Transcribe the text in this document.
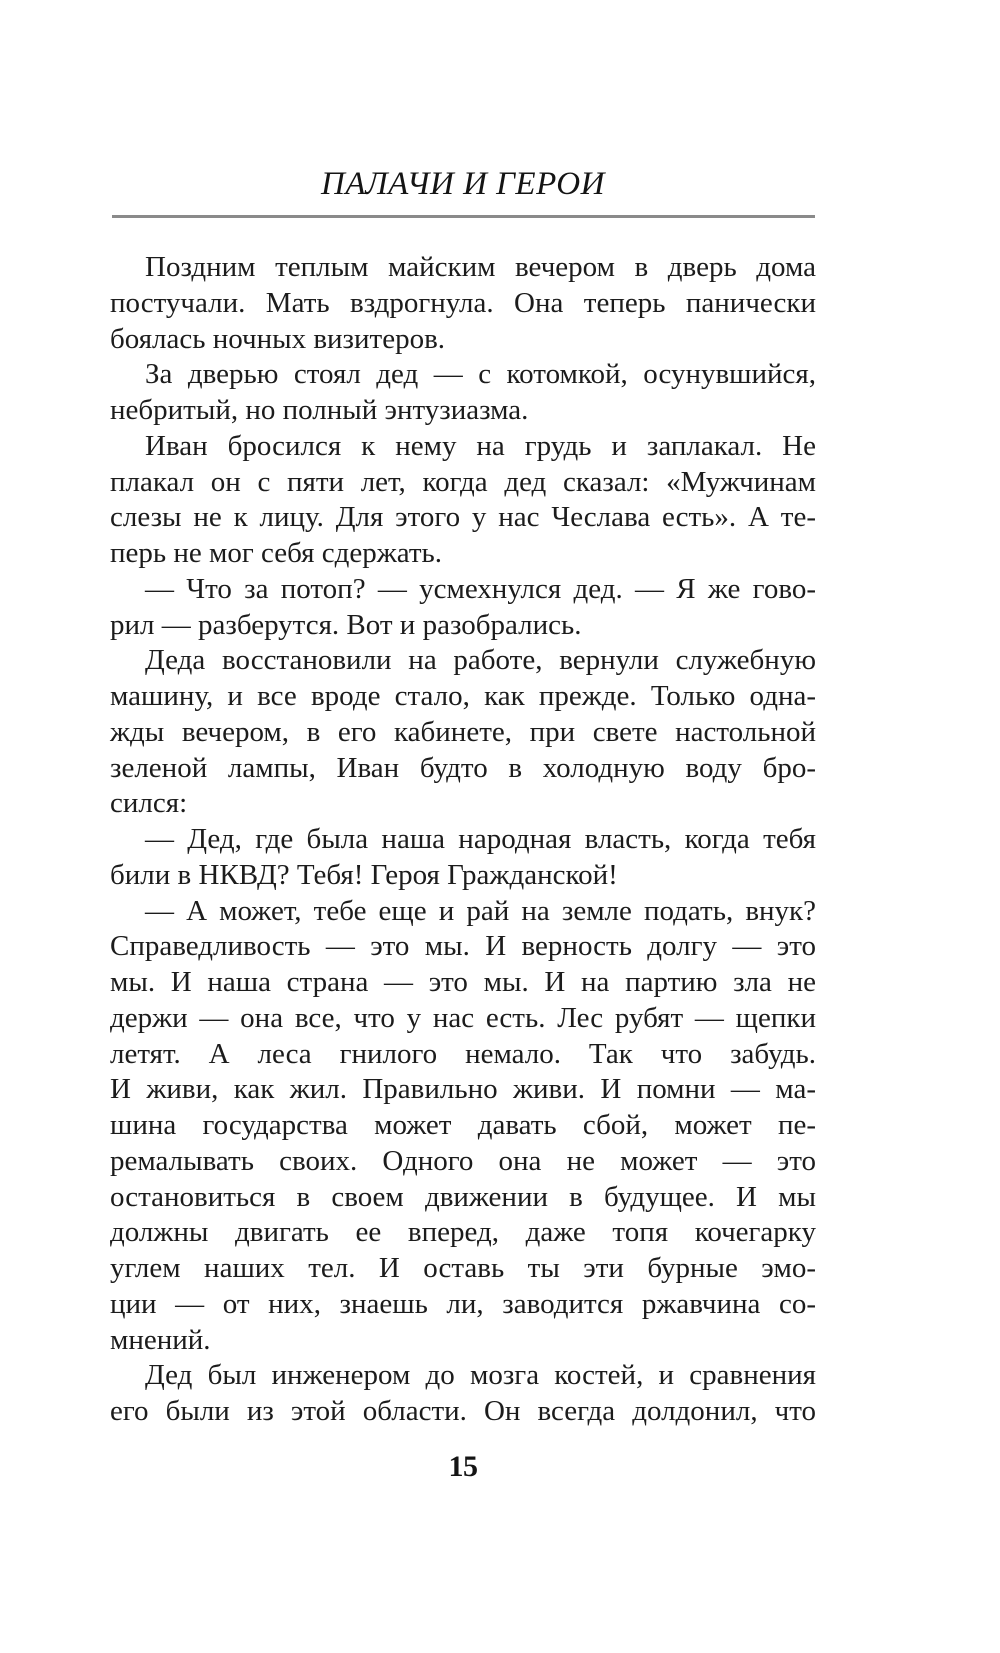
ПАЛАЧИ И ГЕРОИ
Поздним теплым майским вечером в дверь дома
постучали. Мать вздрогнула. Она теперь панически
боялась ночных визитеров.
За дверью стоял дед — с котомкой, осунувшийся,
небритый, но полный энтузиазма.
Иван бросился к нему на грудь и заплакал. Не
плакал он с пяти лет, когда дед сказал: «Мужчинам
слезы не к лицу. Для этого у нас Чеслава есть». А те-
перь не мог себя сдержать.
— Что за потоп? — усмехнулся дед. — Я же гово-
рил — разберутся. Вот и разобрались.
Деда восстановили на работе, вернули служебную
машину, и все вроде стало, как прежде. Только одна-
жды вечером, в его кабинете, при свете настольной
зеленой лампы, Иван будто в холодную воду бро-
сился:
— Дед, где была наша народная власть, когда тебя
били в НКВД? Тебя! Героя Гражданской!
— А может, тебе еще и рай на земле подать, внук?
Справедливость — это мы. И верность долгу — это
мы. И наша страна — это мы. И на партию зла не
держи — она все, что у нас есть. Лес рубят — щепки
летят. А леса гнилого немало. Так что забудь.
И живи, как жил. Правильно живи. И помни — ма-
шина государства может давать сбой, может пе-
ремалывать своих. Одного она не может — это
остановиться в своем движении в будущее. И мы
должны двигать ее вперед, даже топя кочегарку
углем наших тел. И оставь ты эти бурные эмо-
ции — от них, знаешь ли, заводится ржавчина со-
мнений.
Дед был инженером до мозга костей, и сравнения
его были из этой области. Он всегда долдонил, что
15
